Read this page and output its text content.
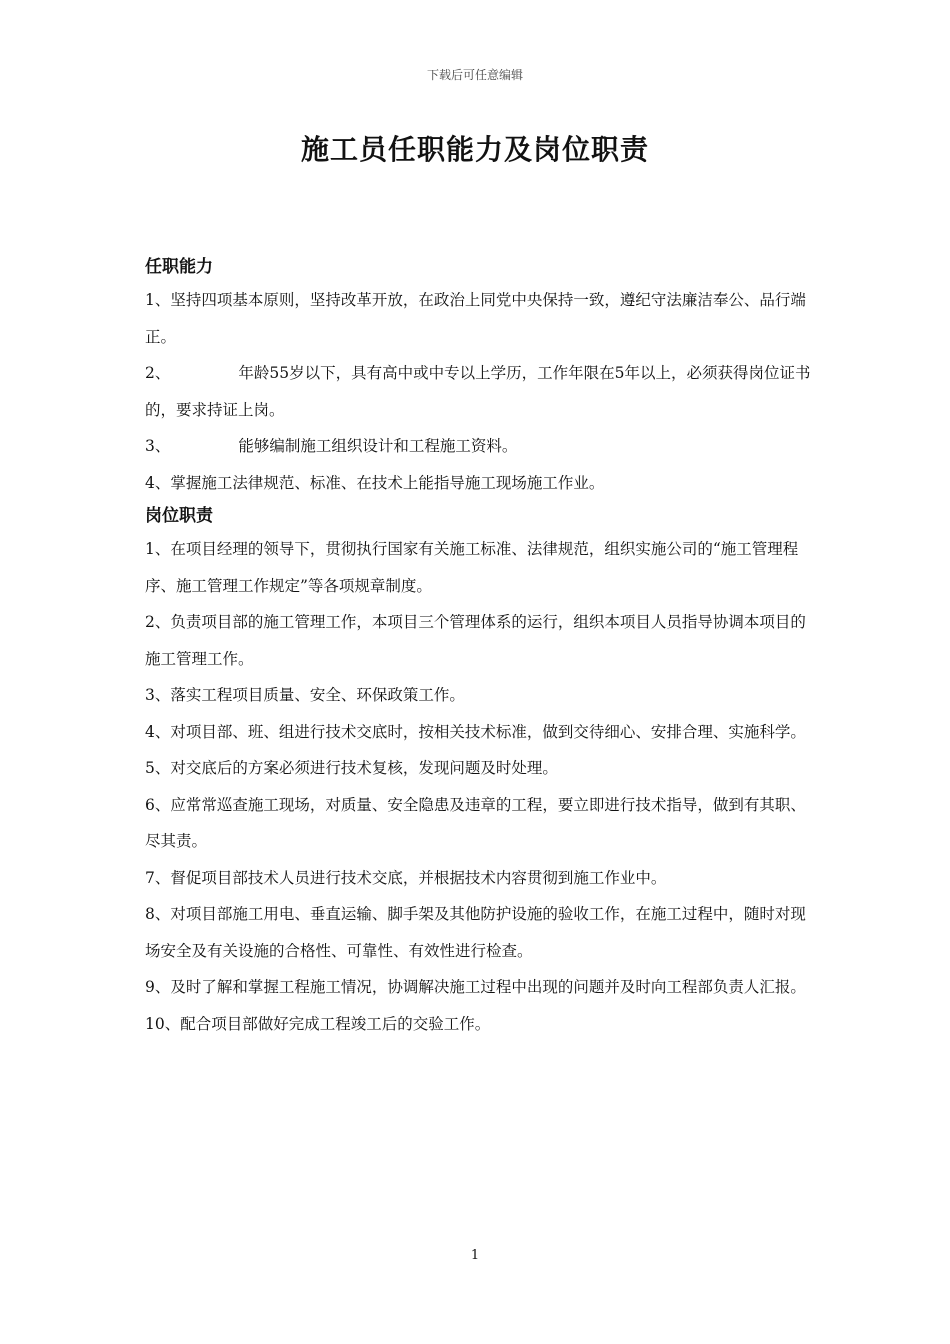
下载后可任意编辑
施工员任职能力及岗位职责
任职能力
1、坚持四项基本原则，坚持改革开放，在政治上同党中央保持一致，遵纪守法廉洁奉公、品行端正。
2、	年龄55岁以下，具有高中或中专以上学历，工作年限在5年以上，必须获得岗位证书的，要求持证上岗。
3、	能够编制施工组织设计和工程施工资料。
4、掌握施工法律规范、标准、在技术上能指导施工现场施工作业。
岗位职责
1、在项目经理的领导下，贯彻执行国家有关施工标准、法律规范，组织实施公司的“施工管理程序、施工管理工作规定”等各项规章制度。
2、负责项目部的施工管理工作，本项目三个管理体系的运行，组织本项目人员指导协调本项目的施工管理工作。
3、落实工程项目质量、安全、环保政策工作。
4、对项目部、班、组进行技术交底时，按相关技术标准，做到交待细心、安排合理、实施科学。
5、对交底后的方案必须进行技术复核，发现问题及时处理。
6、应常常巡查施工现场，对质量、安全隐患及违章的工程，要立即进行技术指导，做到有其职、尽其责。
7、督促项目部技术人员进行技术交底，并根据技术内容贯彻到施工作业中。
8、对项目部施工用电、垂直运输、脚手架及其他防护设施的验收工作，在施工过程中，随时对现场安全及有关设施的合格性、可靠性、有效性进行检查。
9、及时了解和掌握工程施工情况，协调解决施工过程中出现的问题并及时向工程部负责人汇报。
10、配合项目部做好完成工程竣工后的交验工作。
1
